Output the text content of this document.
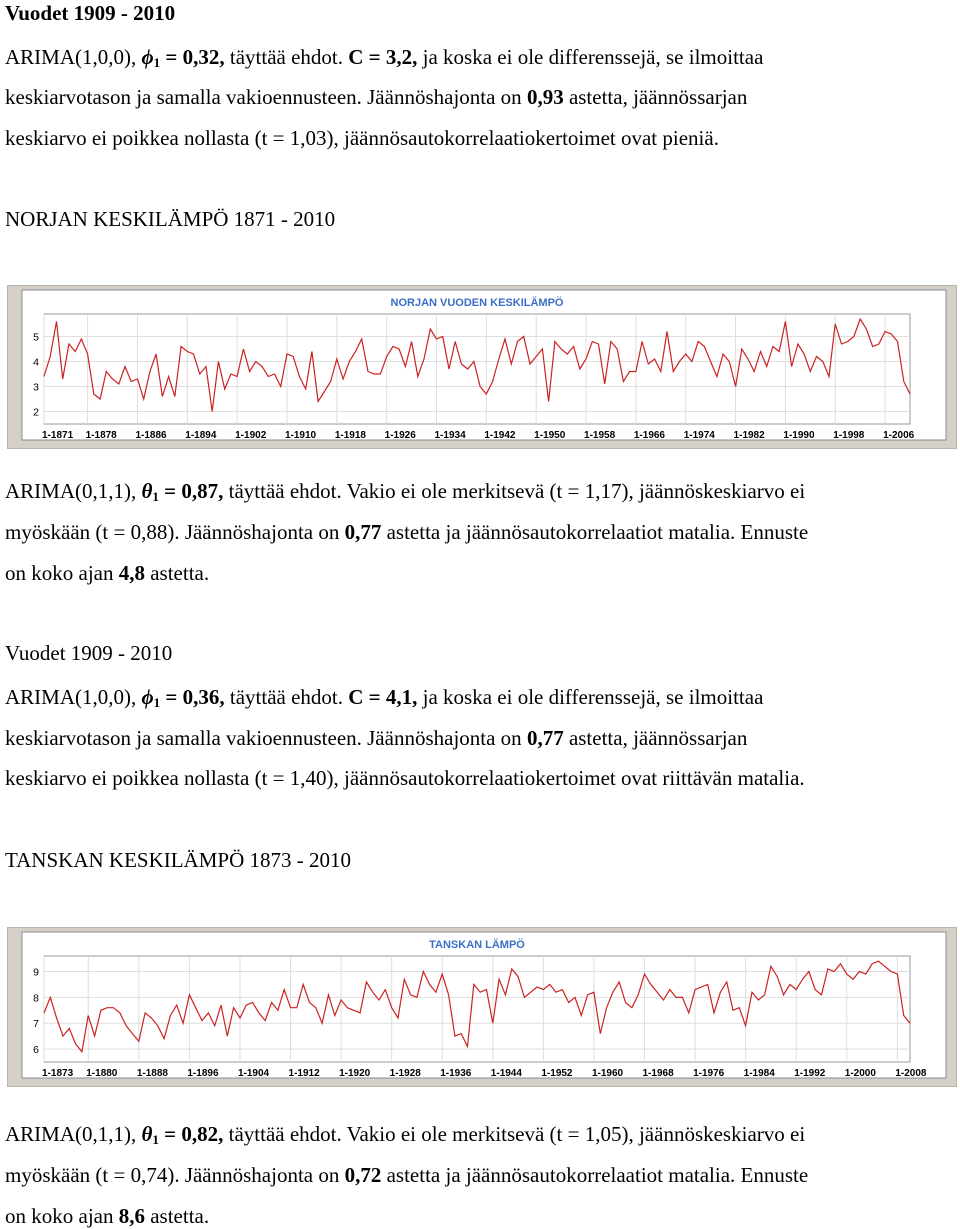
Vuodet 1909 - 2010
ARIMA(1,0,0), $\phi_1 = 0,32$, täyttää ehdot. C = 3,2, ja koska ei ole differenssejä, se ilmoittaa
keskiarvotason ja samalla vakioennusteen. Jäännöshajonta on 0,93 astetta, jäännössarjan
keskiarvo ei poikkea nollasta (t = 1,03), jäännösautokorrelaatiokertoimet ovat pieniä.
NORJAN KESKILÄMPÖ 1871 - 2010
NORJAN VUODEN KESKILÄMPÖ
5
4
3
2
1-1871 1-1878 1-1886 1-1894 1-1902 1-1910 1-1918 1-1926 1-1934 1-1942 1-1950 1-1958 1-1966 1-1974 1-1982 1-1990 1-1998 1-2006
ARIMA(0,1,1), $\theta_1 = 0,87$, täyttää ehdot. Vakio ei ole merkitsevä (t = 1,17), jäännöskeskiarvo ei
myöskään (t = 0,88). Jäännöshajonta on 0,77 astetta ja jäännösautokorrelaatiot matalia. Ennuste
on koko ajan 4,8 astetta.
Vuodet 1909 - 2010
ARIMA(1,0,0), $\phi_1 = 0,36$, täyttää ehdot. C = 4,1, ja koska ei ole differenssejä, se ilmoittaa
keskiarvotason ja samalla vakioennusteen. Jäännöshajonta on 0,77 astetta, jäännössarjan
keskiarvo ei poikkea nollasta (t = 1,40), jäännösautokorrelaatiokertoimet ovat riittävän matalia.
TANSKAN KESKILÄMPÖ 1873 - 2010
TANSKAN LÄMPÖ
9
8
7
6
1-1873 1-1880 1-1888 1-1896 1-1904 1-1912 1-1920 1-1928 1-1936 1-1944 1-1952 1-1960 1-1968 1-1976 1-1984 1-1992 1-2000 1-2008
ARIMA(0,1,1), $\theta_1 = 0,82$, täyttää ehdot. Vakio ei ole merkitsevä (t = 1,05), jäännöskeskiarvo ei
myöskään (t = 0,74). Jäännöshajonta on 0,72 astetta ja jäännösautokorrelaatiot matalia. Ennuste
on koko ajan 8,6 astetta.
